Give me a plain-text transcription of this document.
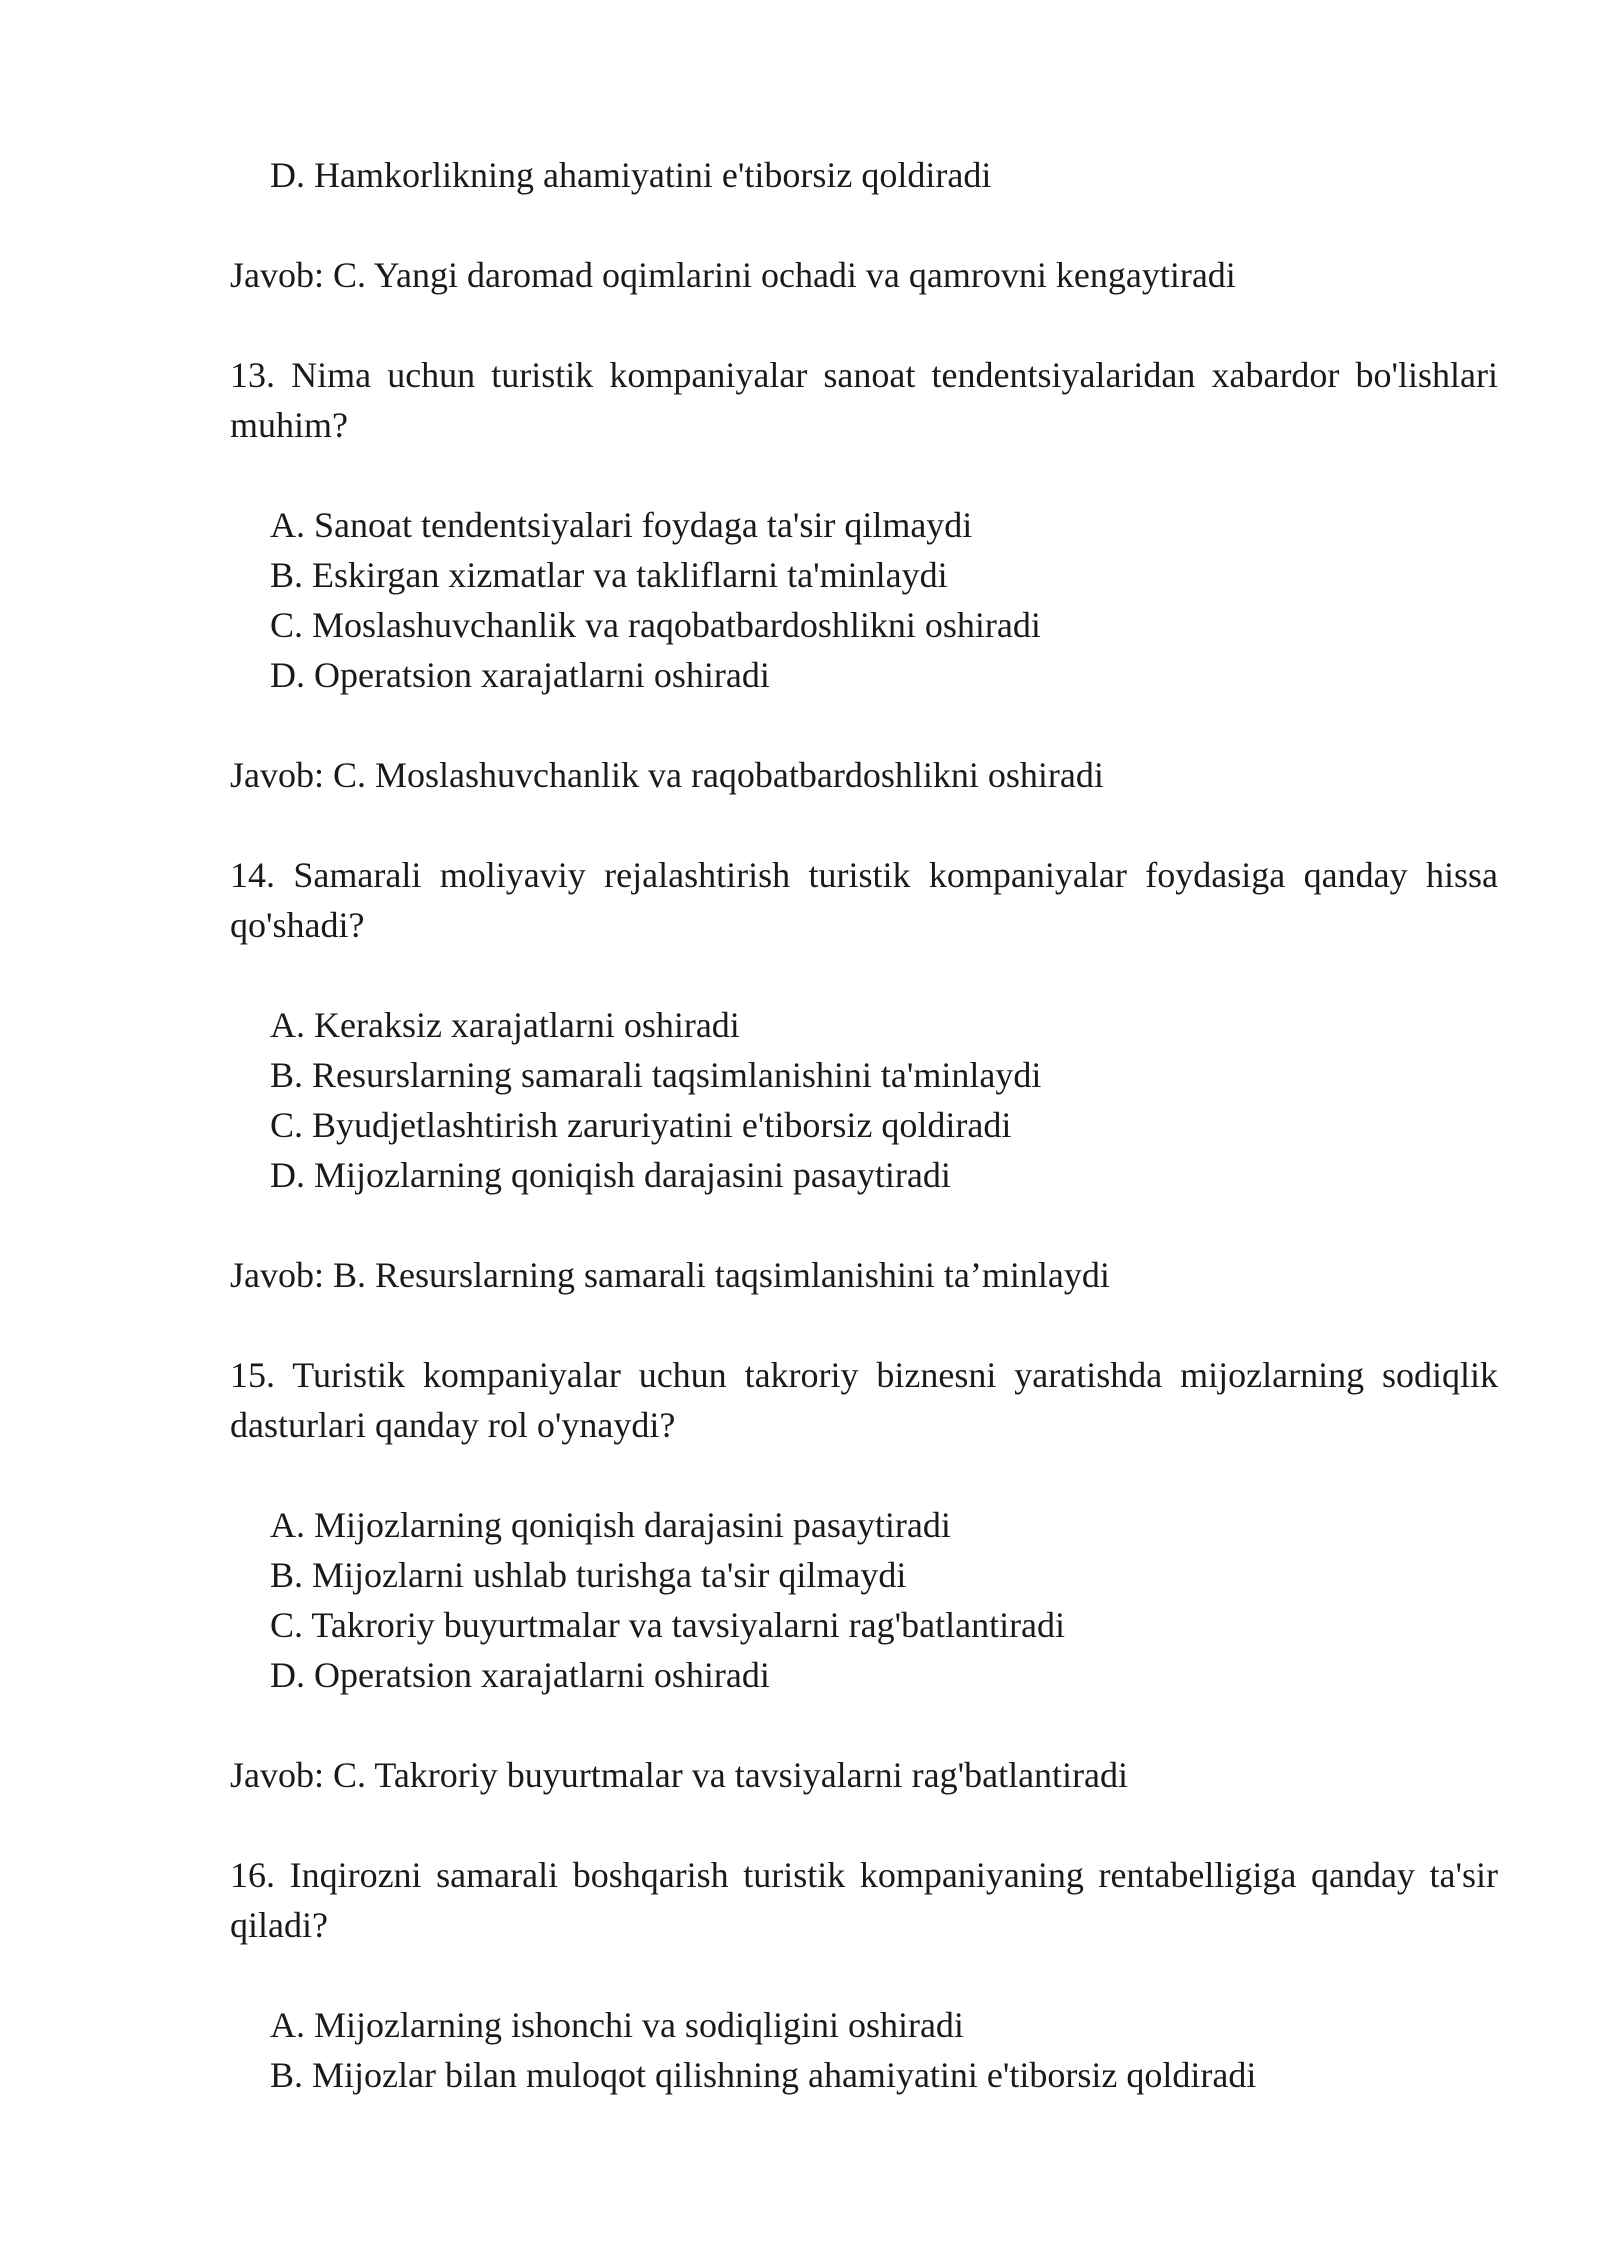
D. Hamkorlikning ahamiyatini e'tiborsiz qoldiradi
Javob: C. Yangi daromad oqimlarini ochadi va qamrovni kengaytiradi
13. Nima uchun turistik kompaniyalar sanoat tendentsiyalaridan xabardor bo'lishlari muhim?
A. Sanoat tendentsiyalari foydaga ta'sir qilmaydi
B. Eskirgan xizmatlar va takliflarni ta'minlaydi
C. Moslashuvchanlik va raqobatbardoshlikni oshiradi
D. Operatsion xarajatlarni oshiradi
Javob: C. Moslashuvchanlik va raqobatbardoshlikni oshiradi
14. Samarali moliyaviy rejalashtirish turistik kompaniyalar foydasiga qanday hissa qo'shadi?
A. Keraksiz xarajatlarni oshiradi
B. Resurslarning samarali taqsimlanishini ta'minlaydi
C. Byudjetlashtirish zaruriyatini e'tiborsiz qoldiradi
D. Mijozlarning qoniqish darajasini pasaytiradi
Javob: B. Resurslarning samarali taqsimlanishini ta’minlaydi
15. Turistik kompaniyalar uchun takroriy biznesni yaratishda mijozlarning sodiqlik dasturlari qanday rol o'ynaydi?
A. Mijozlarning qoniqish darajasini pasaytiradi
B. Mijozlarni ushlab turishga ta'sir qilmaydi
C. Takroriy buyurtmalar va tavsiyalarni rag'batlantiradi
D. Operatsion xarajatlarni oshiradi
Javob: C. Takroriy buyurtmalar va tavsiyalarni rag'batlantiradi
16. Inqirozni samarali boshqarish turistik kompaniyaning rentabelligiga qanday ta'sir qiladi?
A. Mijozlarning ishonchi va sodiqligini oshiradi
B. Mijozlar bilan muloqot qilishning ahamiyatini e'tiborsiz qoldiradi
